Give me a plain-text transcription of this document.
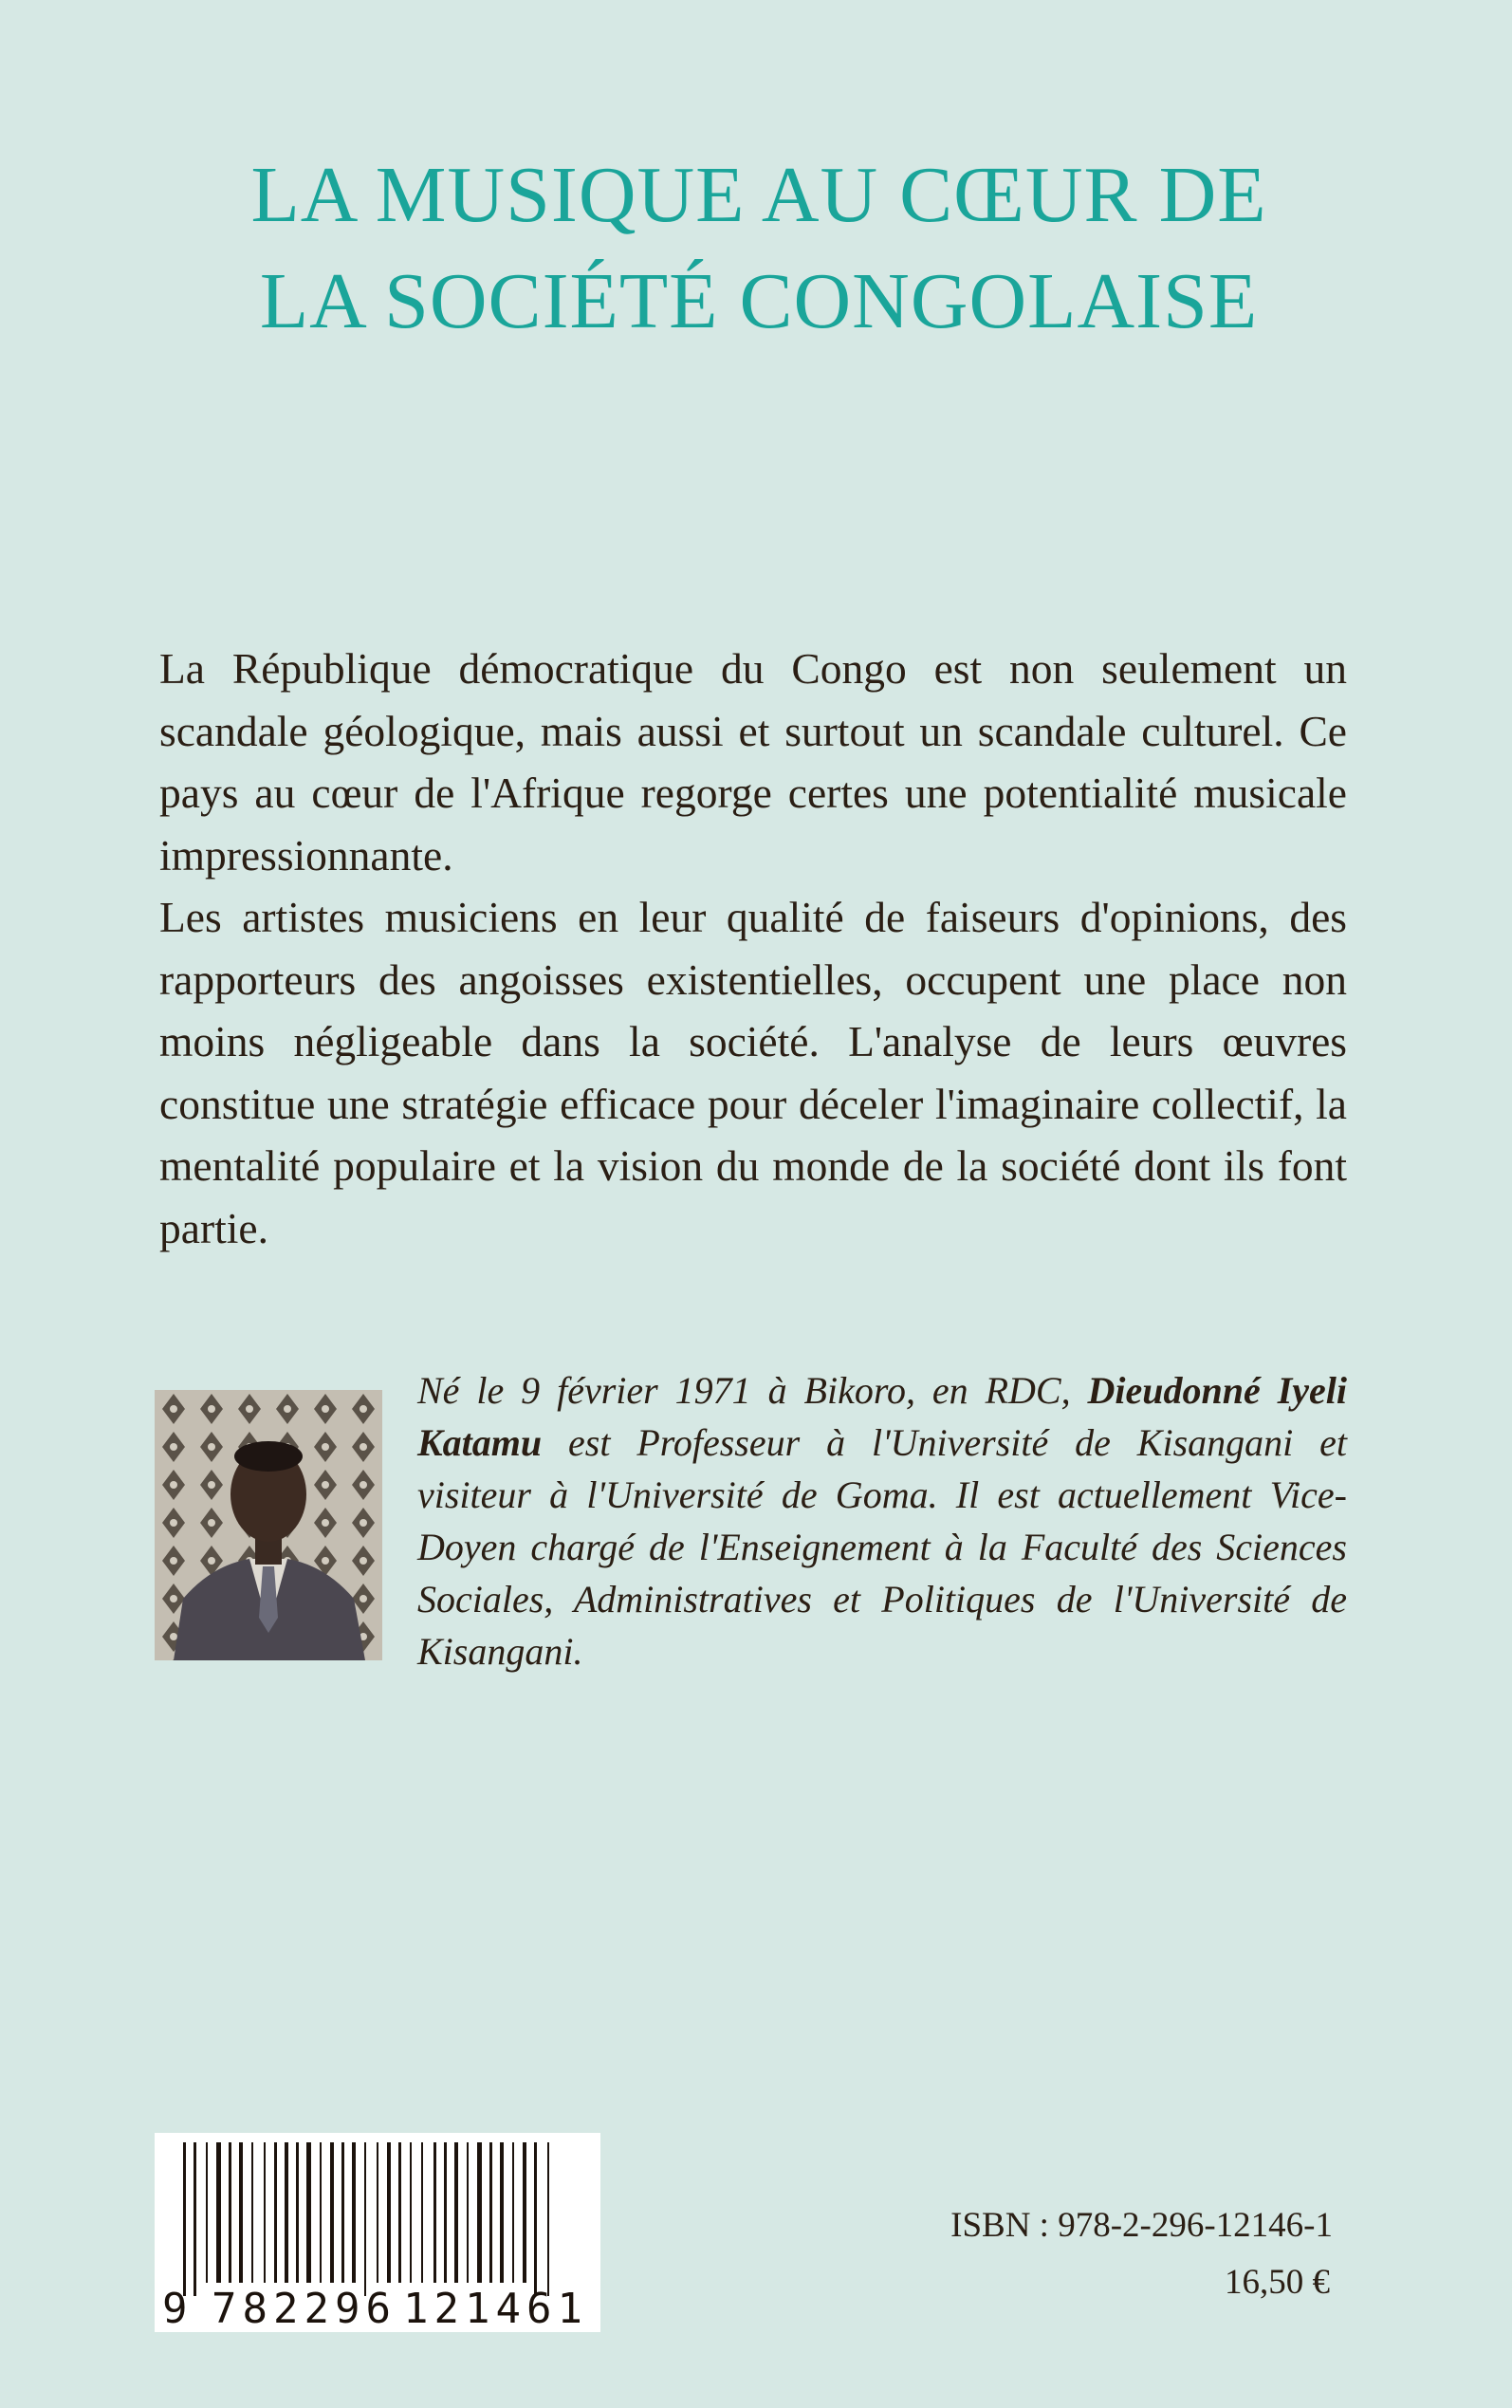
LA MUSIQUE AU CŒUR DE
LA SOCIÉTÉ CONGOLAISE

La République démocratique du Congo est non seulement un scandale géologique, mais aussi et surtout un scandale culturel. Ce pays au cœur de l'Afrique regorge certes une potentialité musicale impressionnante.

Les artistes musiciens en leur qualité de faiseurs d'opinions, des rapporteurs des angoisses existentielles, occupent une place non moins négligeable dans la société. L'analyse de leurs œuvres constitue une stratégie efficace pour déceler l'imaginaire collectif, la mentalité populaire et la vision du monde de la société dont ils font partie.

Né le 9 février 1971 à Bikoro, en RDC, Dieudonné Iyeli Katamu est Professeur à l'Université de Kisangani et visiteur à l'Université de Goma. Il est actuellement Vice-Doyen chargé de l'Enseignement à la Faculté des Sciences Sociales, Administratives et Politiques de l'Université de Kisangani.

9 782296 121461
ISBN : 978-2-296-12146-1
16,50 €
